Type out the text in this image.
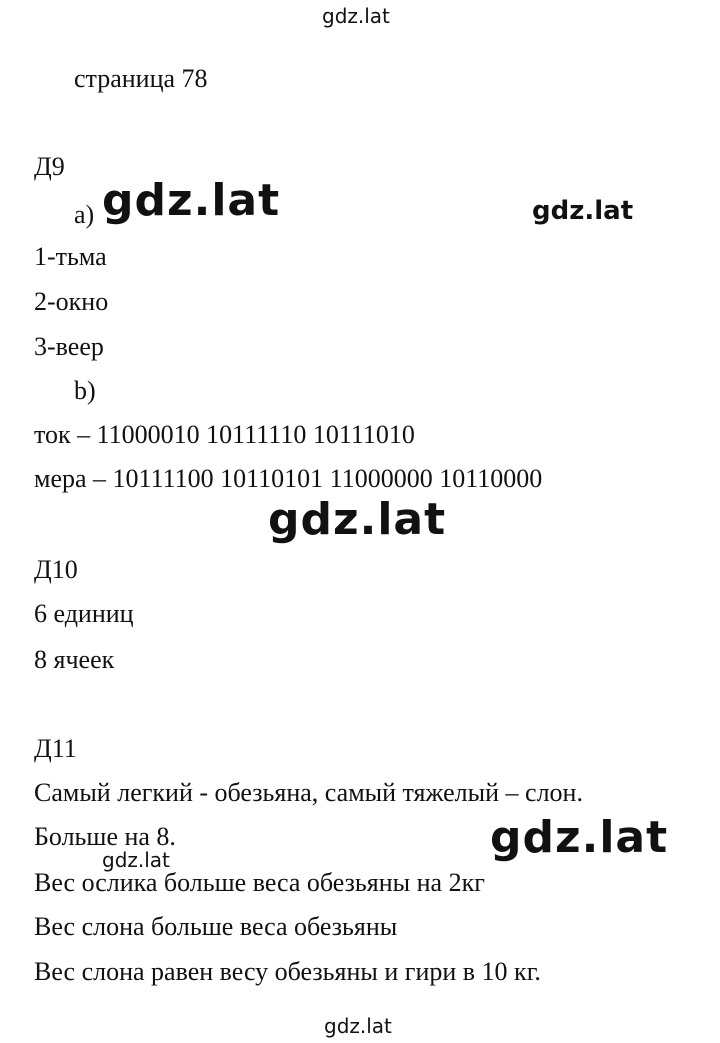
gdz.lat
gdz.lat	gdz.lat
gdz.lat
gdz.lat
gdz.lat
gdz.lat
страница 78
Д9
a)
1-тьма
2-окно
3-веер
b)
ток – 11000010 10111110 10111010
мера – 10111100 10110101 11000000 10110000
Д10
6 единиц
8 ячеек
Д11
Самый легкий - обезьяна, самый тяжелый – слон.
Больше на 8.
Вес ослика больше веса обезьяны на 2кг
Вес слона больше веса обезьяны
Вес слона равен весу обезьяны и гири в 10 кг.
